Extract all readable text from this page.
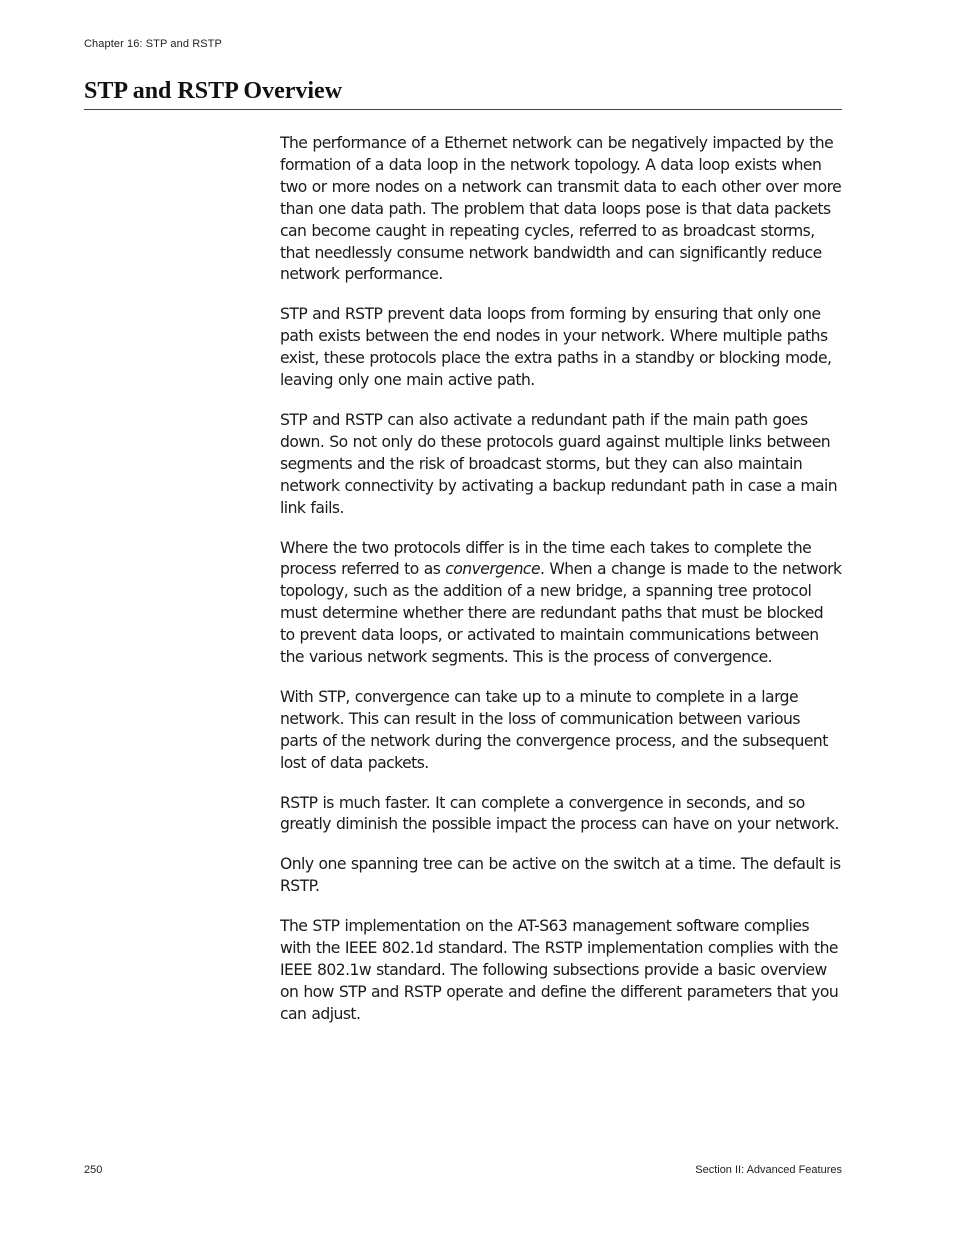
Chapter 16: STP and RSTP
STP and RSTP Overview

The performance of a Ethernet network can be negatively impacted by the formation of a data loop in the network topology. A data loop exists when two or more nodes on a network can transmit data to each other over more than one data path. The problem that data loops pose is that data packets can become caught in repeating cycles, referred to as broadcast storms, that needlessly consume network bandwidth and can significantly reduce network performance.

STP and RSTP prevent data loops from forming by ensuring that only one path exists between the end nodes in your network. Where multiple paths exist, these protocols place the extra paths in a standby or blocking mode, leaving only one main active path.

STP and RSTP can also activate a redundant path if the main path goes down. So not only do these protocols guard against multiple links between segments and the risk of broadcast storms, but they can also maintain network connectivity by activating a backup redundant path in case a main link fails.

Where the two protocols differ is in the time each takes to complete the process referred to as convergence. When a change is made to the network topology, such as the addition of a new bridge, a spanning tree protocol must determine whether there are redundant paths that must be blocked to prevent data loops, or activated to maintain communications between the various network segments. This is the process of convergence.

With STP, convergence can take up to a minute to complete in a large network. This can result in the loss of communication between various parts of the network during the convergence process, and the subsequent lost of data packets.

RSTP is much faster. It can complete a convergence in seconds, and so greatly diminish the possible impact the process can have on your network.

Only one spanning tree can be active on the switch at a time. The default is RSTP.

The STP implementation on the AT-S63 management software complies with the IEEE 802.1d standard. The RSTP implementation complies with the IEEE 802.1w standard. The following subsections provide a basic overview on how STP and RSTP operate and define the different parameters that you can adjust.

250	Section II: Advanced Features
